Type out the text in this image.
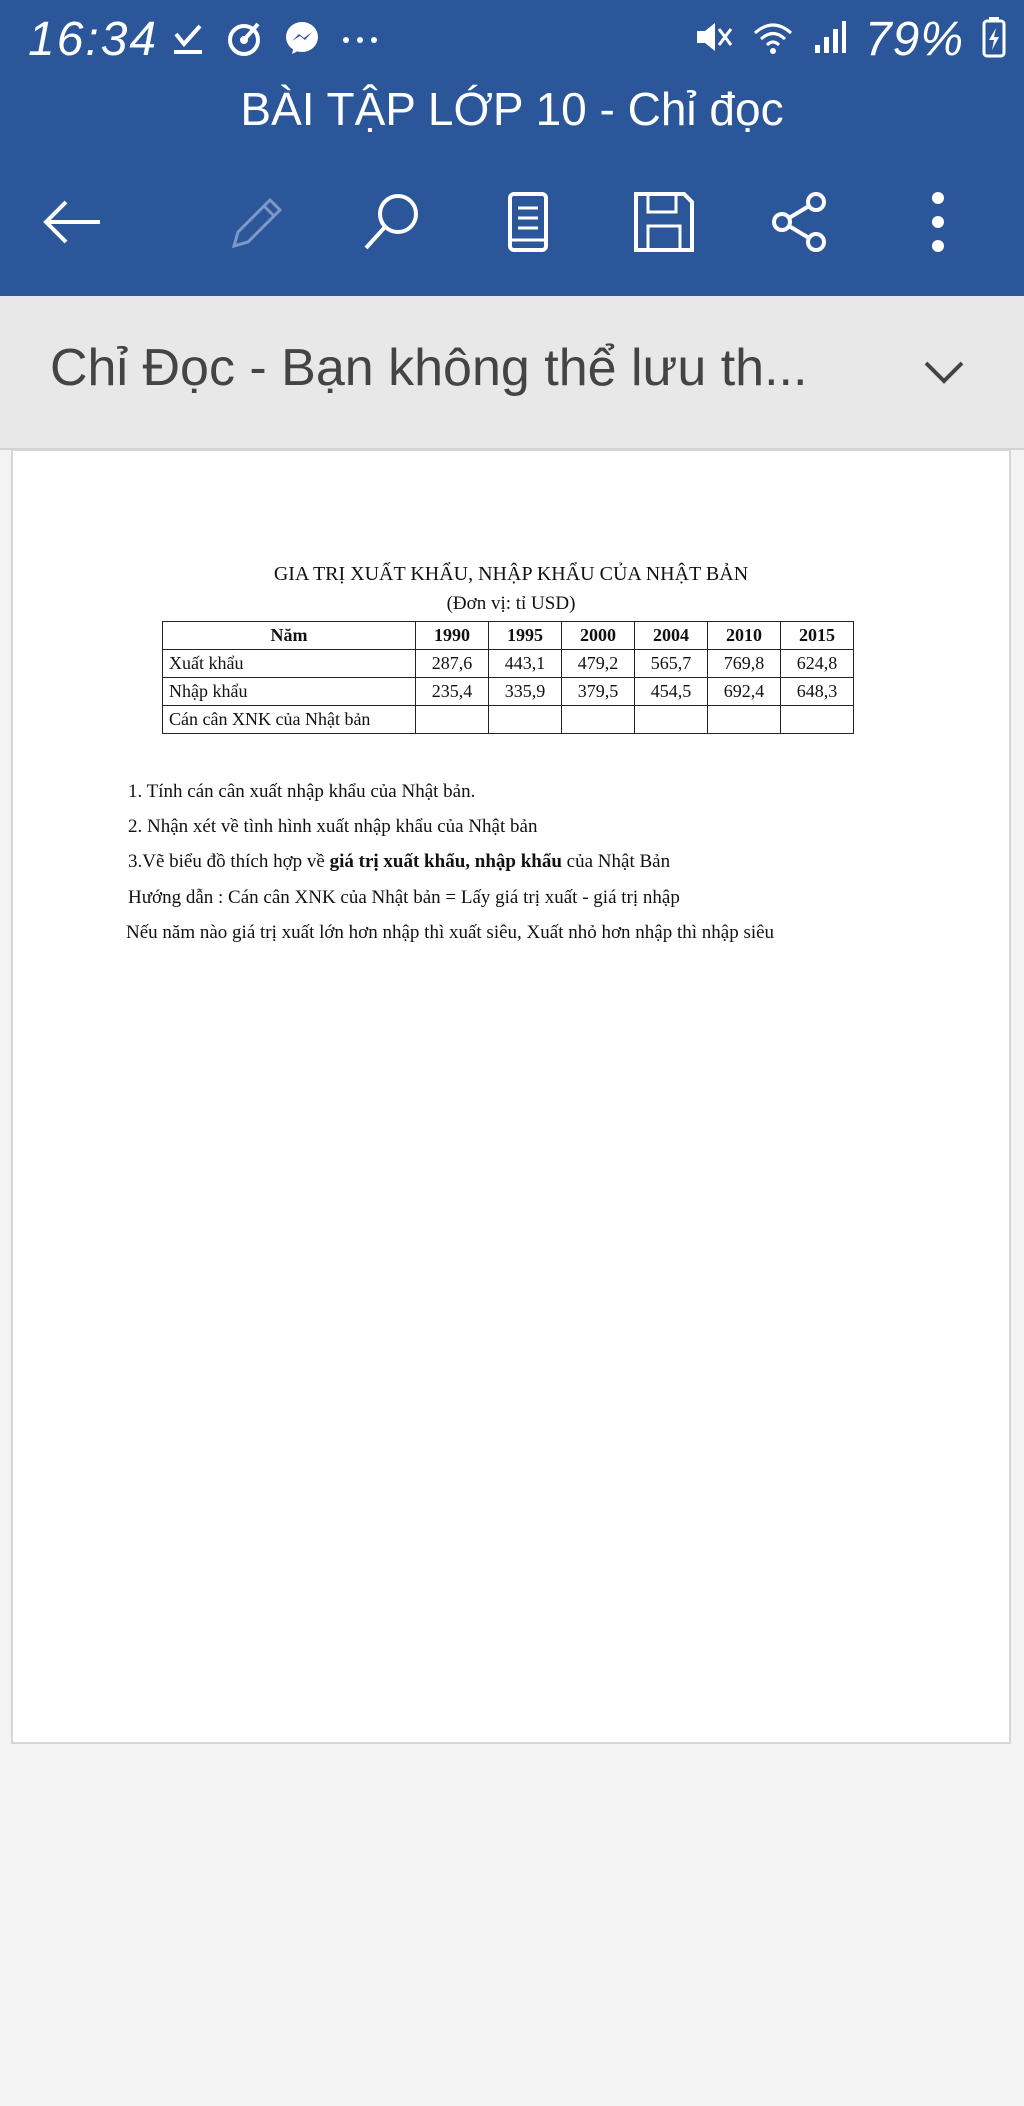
16:34	79%
BÀI TẬP LỚP 10 - Chỉ đọc
Chỉ Đọc - Bạn không thể lưu th...
GIA TRỊ XUẤT KHẨU, NHẬP KHẨU CỦA NHẬT BẢN
(Đơn vị: tỉ USD)
Năm	1990	1995	2000	2004	2010	2015
Xuất khẩu	287,6	443,1	479,2	565,7	769,8	624,8
Nhập khẩu	235,4	335,9	379,5	454,5	692,4	648,3
Cán cân XNK của Nhật bản						
1. Tính cán cân xuất nhập khẩu của Nhật bản.
2. Nhận xét về tình hình xuất nhập khẩu của Nhật bản
3.Vẽ biểu đồ thích hợp về giá trị xuất khẩu, nhập khẩu của Nhật Bản
Hướng dẫn : Cán cân XNK của Nhật bản = Lấy giá trị xuất - giá trị nhập
Nếu năm nào giá trị xuất lớn hơn nhập thì xuất siêu, Xuất nhỏ hơn nhập thì nhập siêu
